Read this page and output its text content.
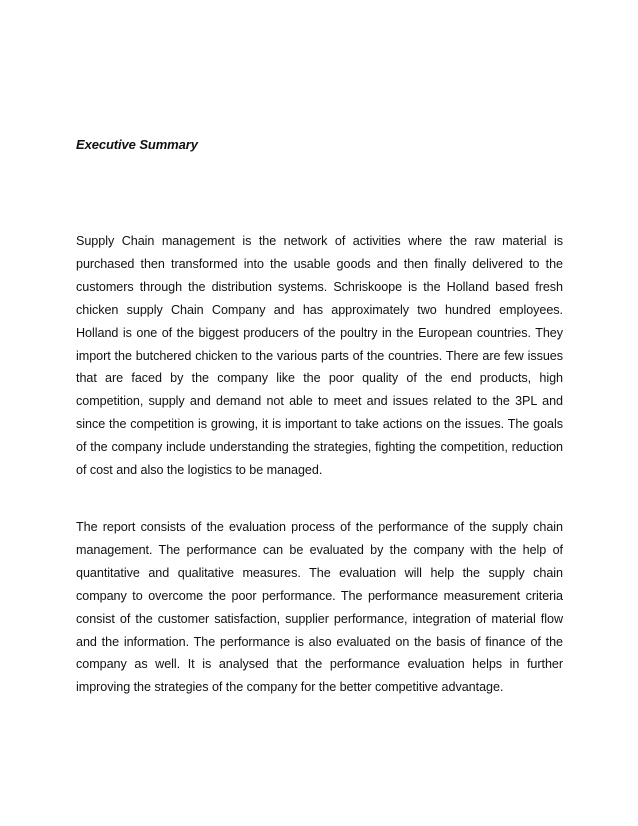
Executive Summary

Supply Chain management is the network of activities where the raw material is purchased then transformed into the usable goods and then finally delivered to the customers through the distribution systems. Schriskoope is the Holland based fresh chicken supply Chain Company and has approximately two hundred employees. Holland is one of the biggest producers of the poultry in the European countries. They import the butchered chicken to the various parts of the countries. There are few issues that are faced by the company like the poor quality of the end products, high competition, supply and demand not able to meet and issues related to the 3PL and since the competition is growing, it is important to take actions on the issues. The goals of the company include understanding the strategies, fighting the competition, reduction of cost and also the logistics to be managed.

The report consists of the evaluation process of the performance of the supply chain management. The performance can be evaluated by the company with the help of quantitative and qualitative measures. The evaluation will help the supply chain company to overcome the poor performance. The performance measurement criteria consist of the customer satisfaction, supplier performance, integration of material flow and the information. The performance is also evaluated on the basis of finance of the company as well. It is analysed that the performance evaluation helps in further improving the strategies of the company for the better competitive advantage.
